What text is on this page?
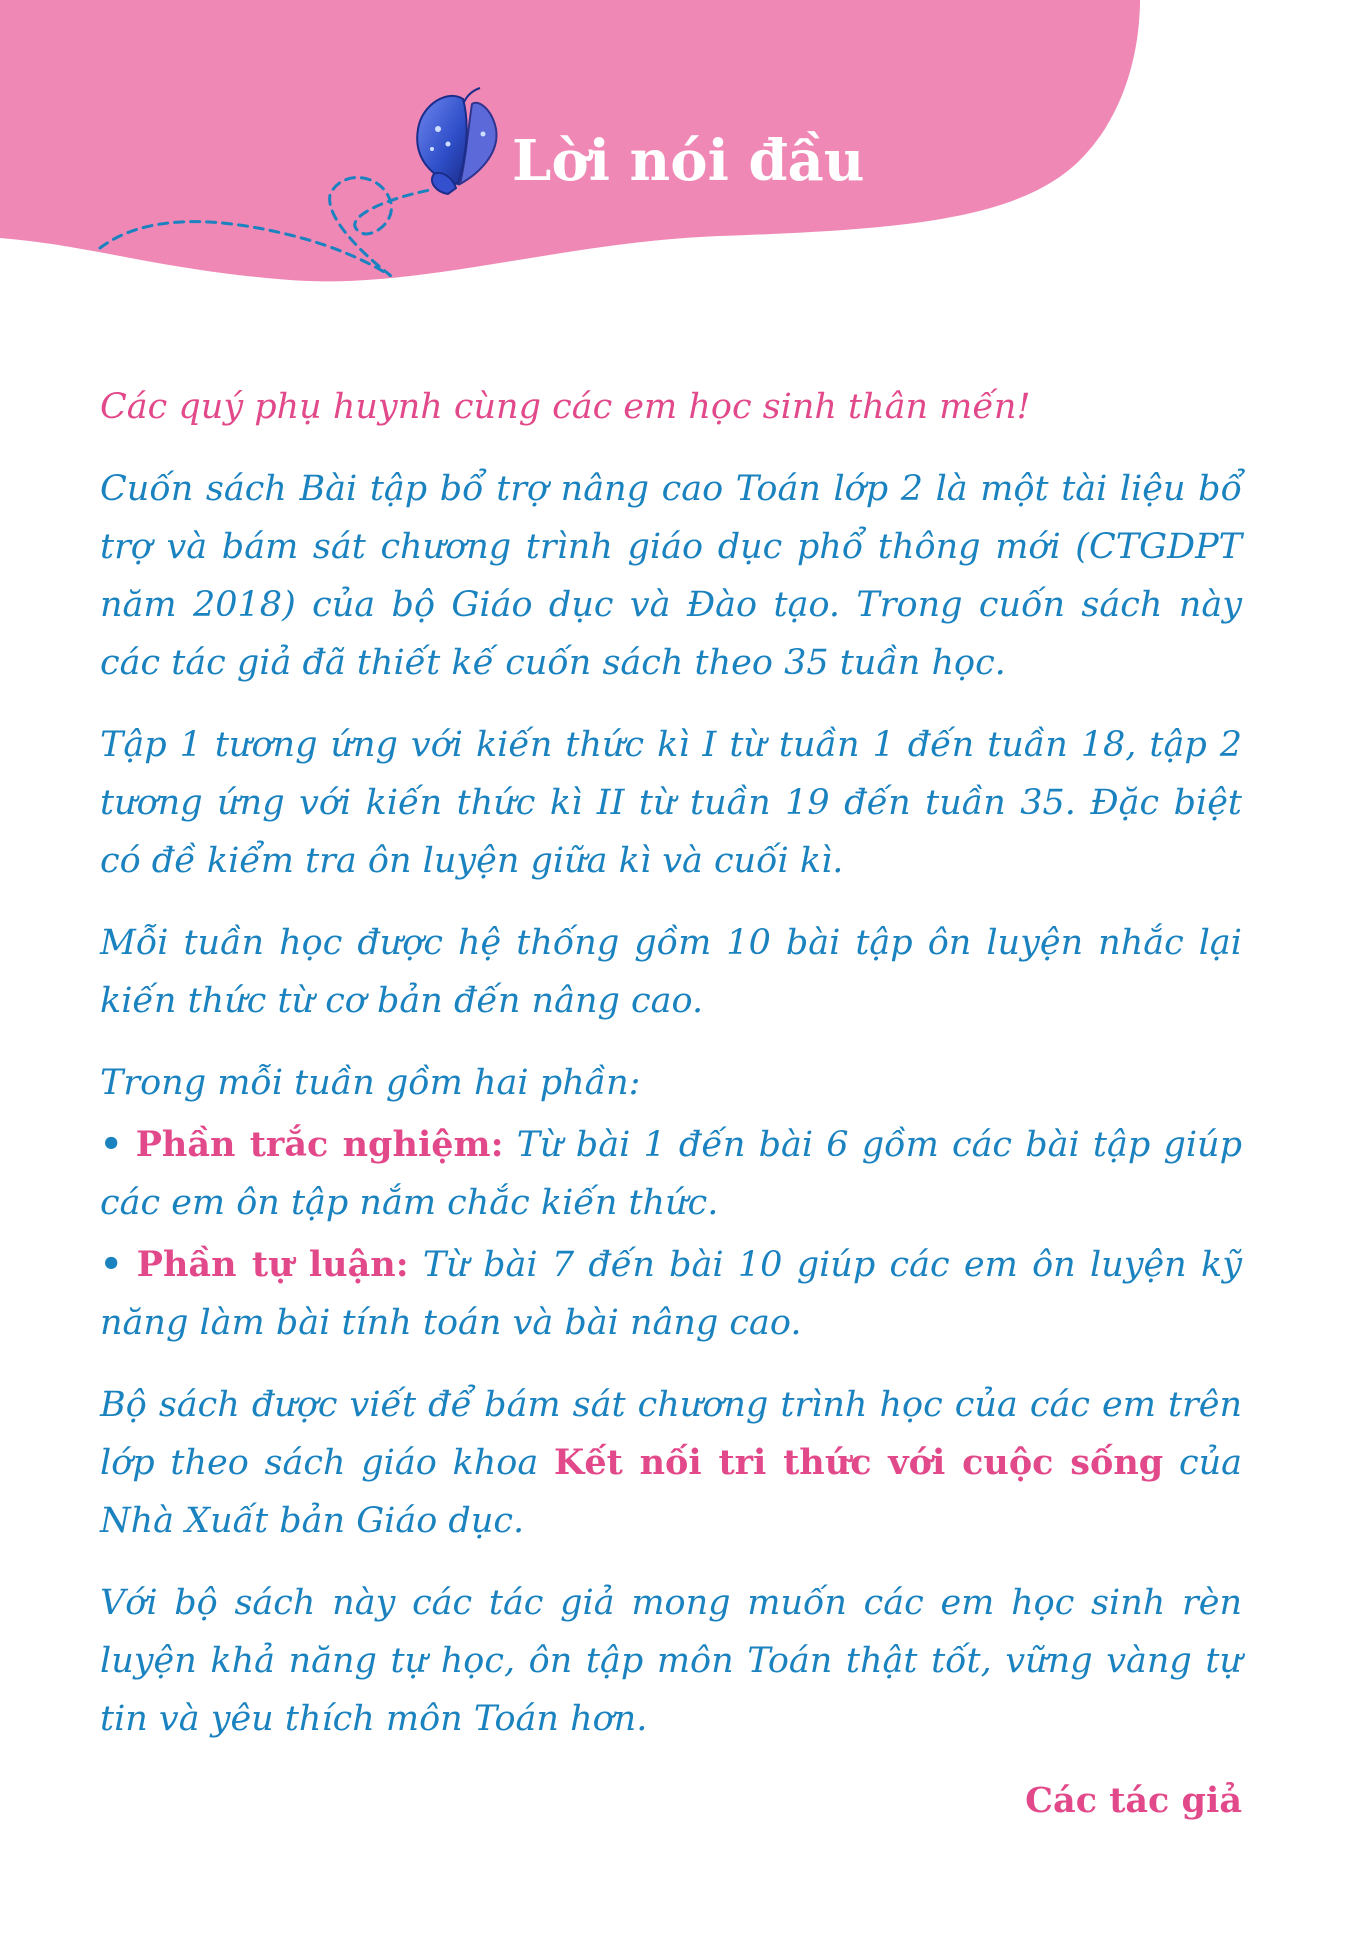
Lời nói đầu

Các quý phụ huynh cùng các em học sinh thân mến!

Cuốn sách Bài tập bổ trợ nâng cao Toán lớp 2 là một tài liệu bổ trợ và bám sát chương trình giáo dục phổ thông mới (CTGDPT năm 2018) của bộ Giáo dục và Đào tạo. Trong cuốn sách này các tác giả đã thiết kế cuốn sách theo 35 tuần học.

Tập 1 tương ứng với kiến thức kì I từ tuần 1 đến tuần 18, tập 2 tương ứng với kiến thức kì II từ tuần 19 đến tuần 35. Đặc biệt có đề kiểm tra ôn luyện giữa kì và cuối kì.

Mỗi tuần học được hệ thống gồm 10 bài tập ôn luyện nhắc lại kiến thức từ cơ bản đến nâng cao.

Trong mỗi tuần gồm hai phần:

• Phần trắc nghiệm: Từ bài 1 đến bài 6 gồm các bài tập giúp các em ôn tập nắm chắc kiến thức.

• Phần tự luận: Từ bài 7 đến bài 10 giúp các em ôn luyện kỹ năng làm bài tính toán và bài nâng cao.

Bộ sách được viết để bám sát chương trình học của các em trên lớp theo sách giáo khoa Kết nối tri thức với cuộc sống của Nhà Xuất bản Giáo dục.

Với bộ sách này các tác giả mong muốn các em học sinh rèn luyện khả năng tự học, ôn tập môn Toán thật tốt, vững vàng tự tin và yêu thích môn Toán hơn.

Các tác giả
